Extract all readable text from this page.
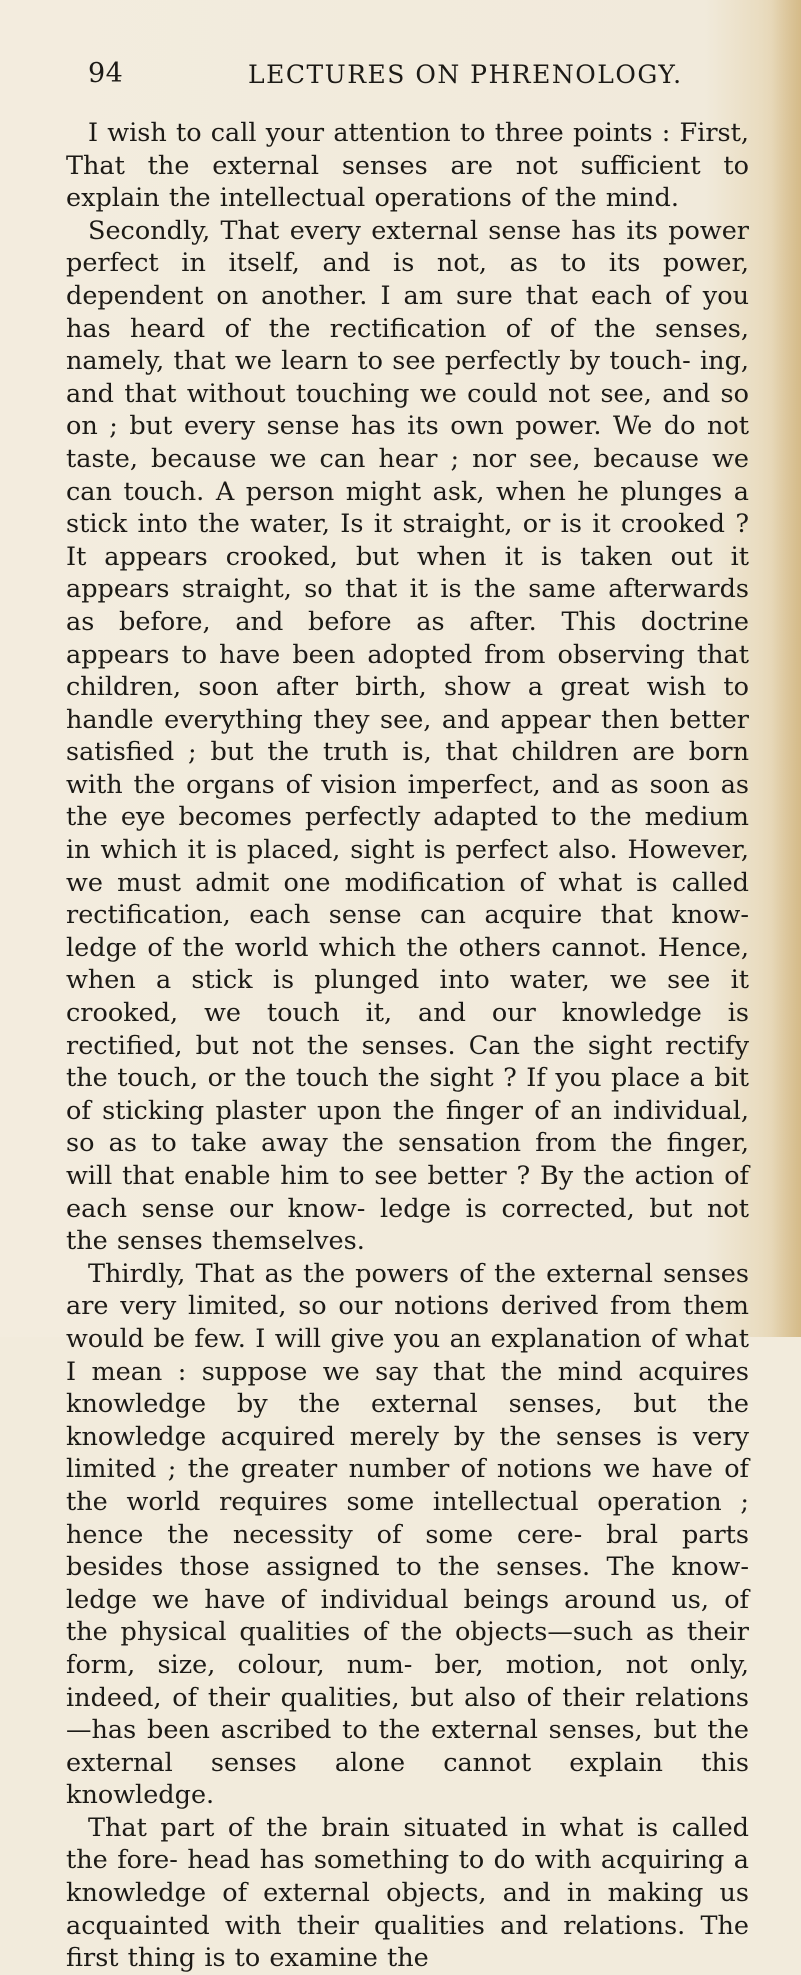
94	LECTURES ON PHRENOLOGY.

I wish to call your attention to three points : First, That the external senses are not sufficient to explain the intellectual operations of the mind.

Secondly, That every external sense has its power perfect in itself, and is not, as to its power, dependent on another. I am sure that each of you has heard of the rectification of of the senses, namely, that we learn to see perfectly by touch- ing, and that without touching we could not see, and so on ; but every sense has its own power. We do not taste, because we can hear ; nor see, because we can touch. A person might ask, when he plunges a stick into the water, Is it straight, or is it crooked ? It appears crooked, but when it is taken out it appears straight, so that it is the same afterwards as before, and before as after. This doctrine appears to have been adopted from observing that children, soon after birth, show a great wish to handle everything they see, and appear then better satisfied ; but the truth is, that children are born with the organs of vision imperfect, and as soon as the eye becomes perfectly adapted to the medium in which it is placed, sight is perfect also. However, we must admit one modification of what is called rectification, each sense can acquire that know- ledge of the world which the others cannot. Hence, when a stick is plunged into water, we see it crooked, we touch it, and our knowledge is rectified, but not the senses. Can the sight rectify the touch, or the touch the sight ? If you place a bit of sticking plaster upon the finger of an individual, so as to take away the sensation from the finger, will that enable him to see better ? By the action of each sense our know- ledge is corrected, but not the senses themselves.

Thirdly, That as the powers of the external senses are very limited, so our notions derived from them would be few. I will give you an explanation of what I mean : suppose we say that the mind acquires knowledge by the external senses, but the knowledge acquired merely by the senses is very limited ; the greater number of notions we have of the world requires some intellectual operation ; hence the necessity of some cere- bral parts besides those assigned to the senses. The know- ledge we have of individual beings around us, of the physical qualities of the objects—such as their form, size, colour, num- ber, motion, not only, indeed, of their qualities, but also of their relations—has been ascribed to the external senses, but the external senses alone cannot explain this knowledge.

That part of the brain situated in what is called the fore- head has something to do with acquiring a knowledge of external objects, and in making us acquainted with their qualities and relations. The first thing is to examine the
